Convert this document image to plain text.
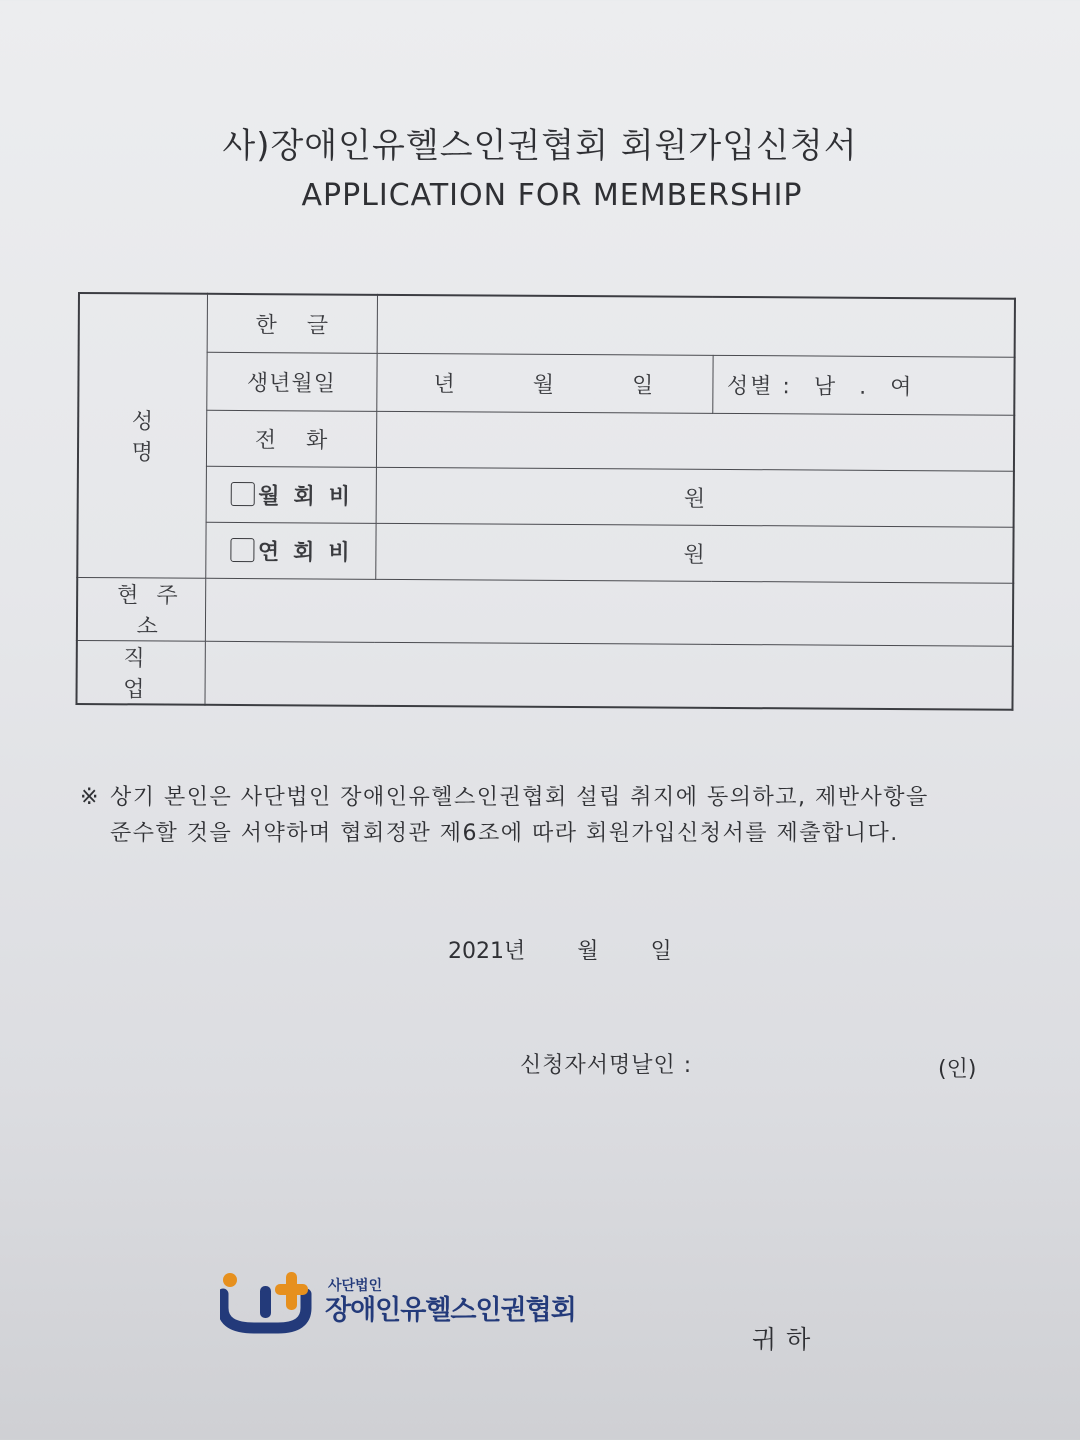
사)장애인유헬스인권협회 회원가입신청서
APPLICATION FOR MEMBERSHIP
성명	한글		
	생년월일	년 월 일	성별 : 남 . 여
	전화		
	월회비	원	
	연회비	원	
현주소			
직업			
※ 상기 본인은 사단법인 장애인유헬스인권협회 설립 취지에 동의하고, 제반사항을
준수할 것을 서약하며 협회정관 제6조에 따라 회원가입신청서를 제출합니다.
2021년 월 일
신청자서명날인 :	(인)
사단법인
장애인유헬스인권협회
귀하
